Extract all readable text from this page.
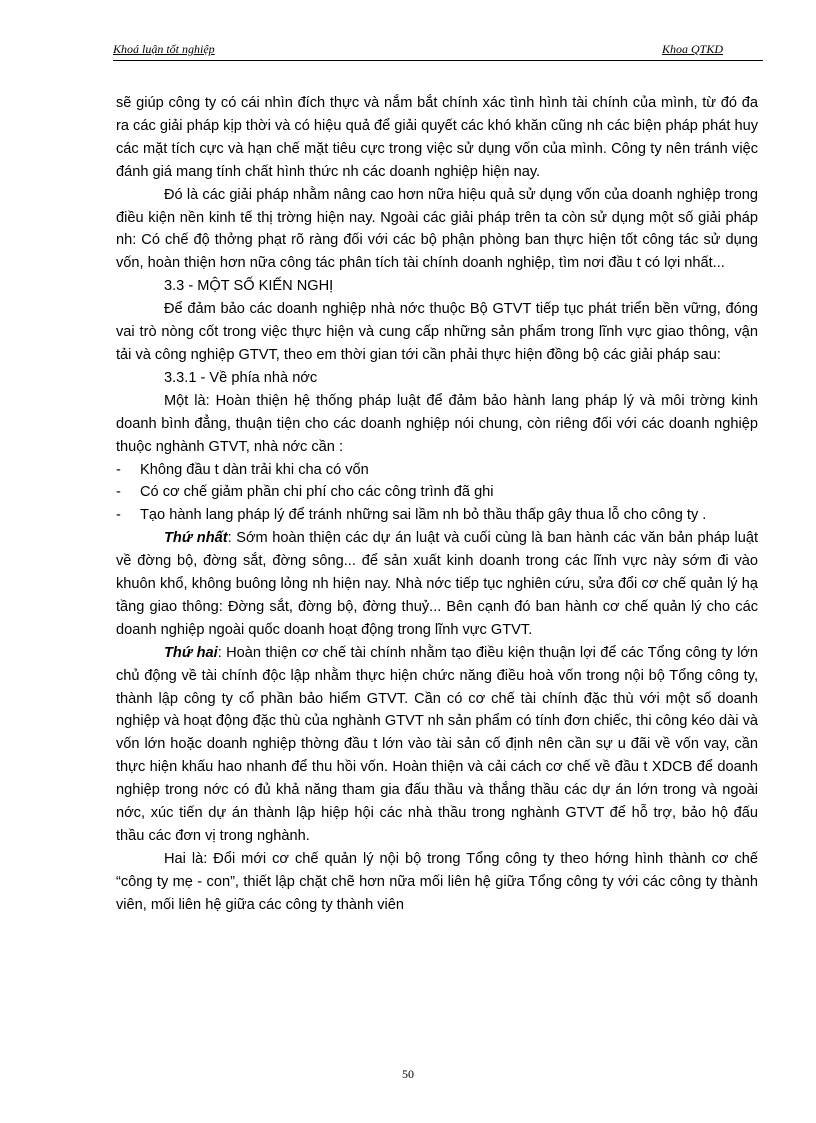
Khoá luận tốt nghiệp	Khoa QTKD

sẽ giúp công ty có cái nhìn đích thực và nắm bắt chính xác tình hình tài chính của mình, từ đó đa ra các giải pháp kịp thời và có hiệu quả để giải quyết các khó khăn cũng nh các biện pháp phát huy các mặt tích cực và hạn chế mặt tiêu cực trong việc sử dụng vốn của mình. Công ty nên tránh việc đánh giá mang tính chất hình thức nh các doanh nghiệp hiện nay.

Đó là các giải pháp nhằm nâng cao hơn nữa hiệu quả sử dụng vốn của doanh nghiệp trong điều kiện nền kinh tế thị trờng hiện nay. Ngoài các giải pháp trên ta còn sử dụng một số giải pháp nh: Có chế độ thởng phạt rõ ràng đối với các bộ phận phòng ban thực hiện tốt công tác sử dụng vốn, hoàn thiện hơn nữa công tác phân tích tài chính doanh nghiệp, tìm nơi đầu t có lợi nhất...

3.3 - MỘT SỐ KIẾN NGHỊ

Để đảm bảo các doanh nghiệp nhà nớc thuộc Bộ GTVT tiếp tục phát triển bền vững, đóng vai trò nòng cốt trong việc thực hiện và cung cấp những sản phẩm trong lĩnh vực giao thông, vận tải và công nghiệp GTVT, theo em thời gian tới cần phải thực hiện đồng bộ các giải pháp sau:

3.3.1 - Về phía nhà nớc

Một là: Hoàn thiện hệ thống pháp luật để đảm bảo hành lang pháp lý và môi trờng kinh doanh bình đẳng, thuận tiện cho các doanh nghiệp nói chung, còn riêng đối với các doanh nghiệp thuộc nghành GTVT, nhà nớc cần :

- Không đầu t dàn trải khi cha có vốn
- Có cơ chế giảm phần chi phí cho các công trình đã ghi
- Tạo hành lang pháp lý để tránh những sai lầm nh bỏ thầu thấp gây thua lỗ cho công ty .

Thứ nhất: Sớm hoàn thiện các dự án luật và cuối cùng là ban hành các văn bản pháp luật về đờng bộ, đờng sắt, đờng sông... để sản xuất kinh doanh trong các lĩnh vực này sớm đi vào khuôn khổ, không buông lỏng nh hiện nay. Nhà nớc tiếp tục nghiên cứu, sửa đổi cơ chế quản lý hạ tầng giao thông: Đờng sắt, đờng bộ, đờng thuỷ... Bên cạnh đó ban hành cơ chế quản lý cho các doanh nghiệp ngoài quốc doanh hoạt động trong lĩnh vực GTVT.

Thứ hai: Hoàn thiện cơ chế tài chính nhằm tạo điều kiện thuận lợi để các Tổng công ty lớn chủ động về tài chính độc lập nhằm thực hiện chức năng điều hoà vốn trong nội bộ Tổng công ty, thành lập công ty cổ phần bảo hiểm GTVT. Cần có cơ chế tài chính đặc thù với một số doanh nghiệp và hoạt động đặc thù của nghành GTVT nh sản phẩm có tính đơn chiếc, thi công kéo dài và vốn lớn hoặc doanh nghiệp thờng đầu t lớn vào tài sản cố định nên cần sự u đãi về vốn vay, cần thực hiện khấu hao nhanh để thu hồi vốn. Hoàn thiện và cải cách cơ chế về đầu t XDCB để doanh nghiệp trong nớc có đủ khả năng tham gia đấu thầu và thắng thầu các dự án lớn trong và ngoài nớc, xúc tiến dự án thành lập hiệp hội các nhà thầu trong nghành GTVT để hỗ trợ, bảo hộ đấu thầu các đơn vị trong nghành.

Hai là: Đổi mới cơ chế quản lý nội bộ trong Tổng công ty theo hớng hình thành cơ chế “công ty mẹ - con”, thiết lập chặt chẽ hơn nữa mối liên hệ giữa Tổng công ty với các công ty thành viên, mối liên hệ giữa các công ty thành viên

50
